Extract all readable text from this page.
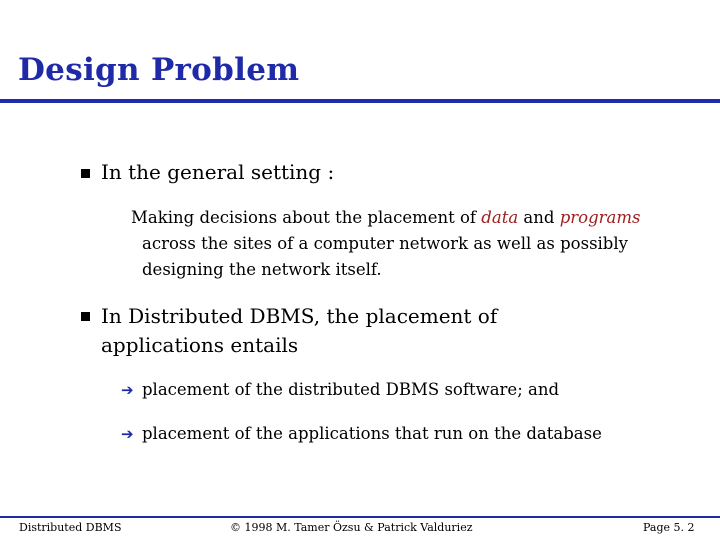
Design Problem

In the general setting :

Making decisions about the placement of data and programs across the sites of a computer network as well as possibly designing the network itself.

In Distributed DBMS, the placement of applications entails

➔ placement of the distributed DBMS software; and

➔ placement of the applications that run on the database

Distributed DBMS	© 1998 M. Tamer Özsu & Patrick Valduriez	Page 5. 2
